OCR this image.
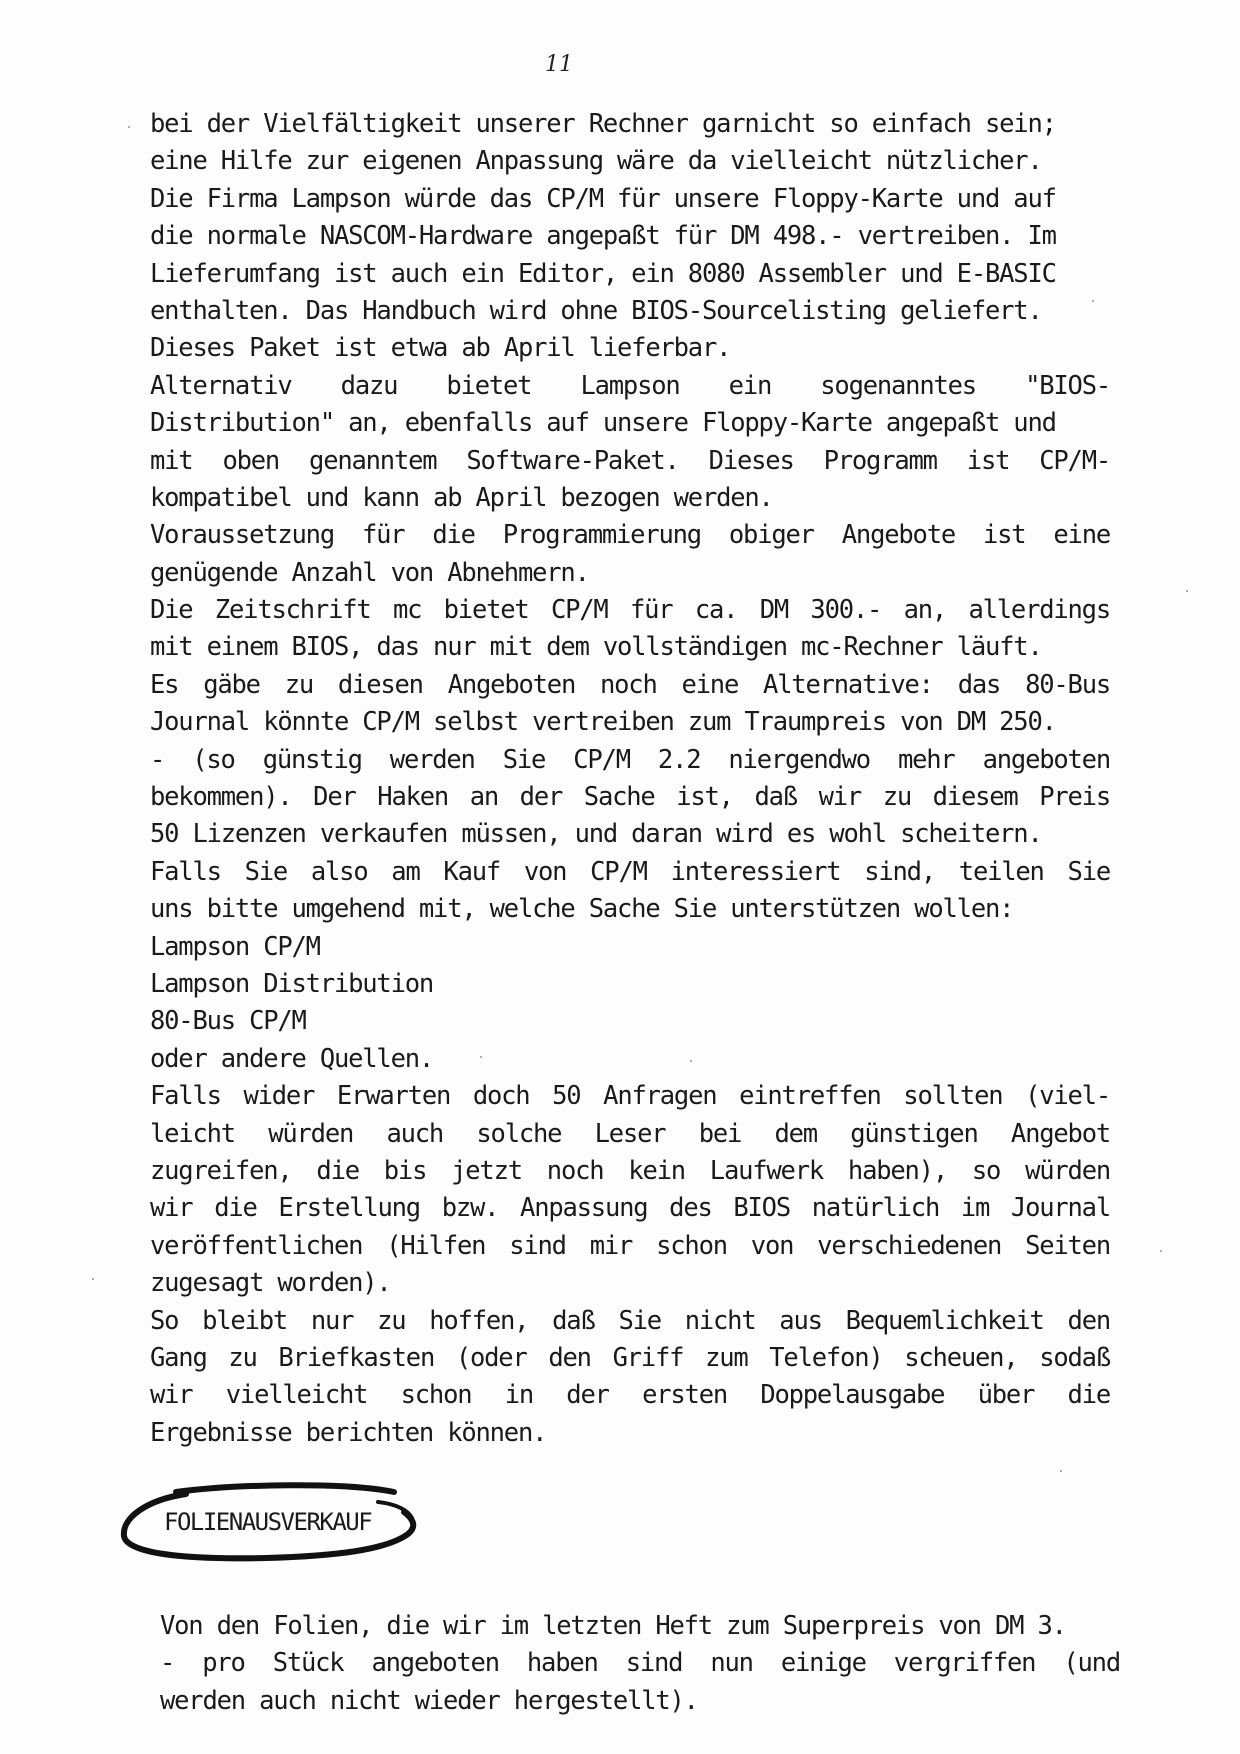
11
bei der Vielfältigkeit unserer Rechner garnicht so einfach sein;
eine Hilfe zur eigenen Anpassung wäre da vielleicht nützlicher.
Die Firma Lampson würde das CP/M für unsere Floppy-Karte und auf
die normale NASCOM-Hardware angepaßt für DM 498.- vertreiben. Im
Lieferumfang ist auch ein Editor, ein 8080 Assembler und E-BASIC
enthalten. Das Handbuch wird ohne BIOS-Sourcelisting geliefert.
Dieses Paket ist etwa ab April lieferbar.
Alternativ dazu bietet Lampson ein sogenanntes "BIOS-
Distribution" an, ebenfalls auf unsere Floppy-Karte angepaßt und
mit oben genanntem Software-Paket. Dieses Programm ist CP/M-
kompatibel und kann ab April bezogen werden.
Voraussetzung für die Programmierung obiger Angebote ist eine
genügende Anzahl von Abnehmern.
Die Zeitschrift mc bietet CP/M für ca. DM 300.- an, allerdings
mit einem BIOS, das nur mit dem vollständigen mc-Rechner läuft.
Es gäbe zu diesen Angeboten noch eine Alternative: das 80-Bus
Journal könnte CP/M selbst vertreiben zum Traumpreis von DM 250.
- (so günstig werden Sie CP/M 2.2 niergendwo mehr angeboten
bekommen). Der Haken an der Sache ist, daß wir zu diesem Preis
50 Lizenzen verkaufen müssen, und daran wird es wohl scheitern.
Falls Sie also am Kauf von CP/M interessiert sind, teilen Sie
uns bitte umgehend mit, welche Sache Sie unterstützen wollen:
Lampson CP/M
Lampson Distribution
80-Bus CP/M
oder andere Quellen.
Falls wider Erwarten doch 50 Anfragen eintreffen sollten (viel-
leicht würden auch solche Leser bei dem günstigen Angebot
zugreifen, die bis jetzt noch kein Laufwerk haben), so würden
wir die Erstellung bzw. Anpassung des BIOS natürlich im Journal
veröffentlichen (Hilfen sind mir schon von verschiedenen Seiten
zugesagt worden).
So bleibt nur zu hoffen, daß Sie nicht aus Bequemlichkeit den
Gang zu Briefkasten (oder den Griff zum Telefon) scheuen, sodaß
wir vielleicht schon in der ersten Doppelausgabe über die
Ergebnisse berichten können.
FOLIENAUSVERKAUF
Von den Folien, die wir im letzten Heft zum Superpreis von DM 3.
- pro Stück angeboten haben sind nun einige vergriffen (und
werden auch nicht wieder hergestellt).
